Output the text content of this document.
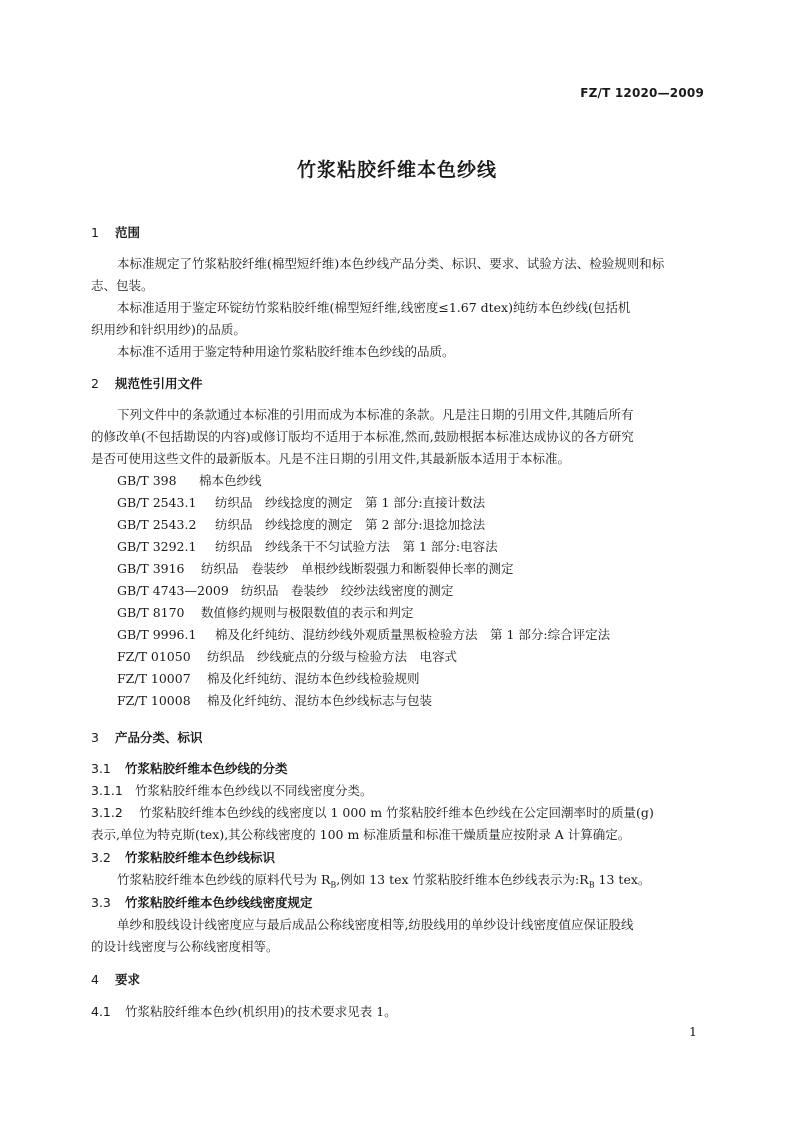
FZ/T 12020—2009
竹浆粘胶纤维本色纱线
1 范围
本标准规定了竹浆粘胶纤维(棉型短纤维)本色纱线产品分类、标识、要求、试验方法、检验规则和标
志、包装。
本标准适用于鉴定环锭纺竹浆粘胶纤维(棉型短纤维,线密度≤1.67 dtex)纯纺本色纱线(包括机
织用纱和针织用纱)的品质。
本标准不适用于鉴定特种用途竹浆粘胶纤维本色纱线的品质。
2 规范性引用文件
下列文件中的条款通过本标准的引用而成为本标准的条款。凡是注日期的引用文件,其随后所有
的修改单(不包括勘误的内容)或修订版均不适用于本标准,然而,鼓励根据本标准达成协议的各方研究
是否可使用这些文件的最新版本。凡是不注日期的引用文件,其最新版本适用于本标准。
GB/T 398 棉本色纱线
GB/T 2543.1 纺织品　纱线捻度的测定　第 1 部分:直接计数法
GB/T 2543.2 纺织品　纱线捻度的测定　第 2 部分:退捻加捻法
GB/T 3292.1 纺织品　纱线条干不匀试验方法　第 1 部分:电容法
GB/T 3916 纺织品　卷装纱　单根纱线断裂强力和断裂伸长率的测定
GB/T 4743—2009 纺织品　卷装纱　绞纱法线密度的测定
GB/T 8170 数值修约规则与极限数值的表示和判定
GB/T 9996.1 棉及化纤纯纺、混纺纱线外观质量黑板检验方法　第 1 部分:综合评定法
FZ/T 01050 纺织品　纱线疵点的分级与检验方法　电容式
FZ/T 10007 棉及化纤纯纺、混纺本色纱线检验规则
FZ/T 10008 棉及化纤纯纺、混纺本色纱线标志与包装
3 产品分类、标识
3.1 竹浆粘胶纤维本色纱线的分类
3.1.1 竹浆粘胶纤维本色纱线以不同线密度分类。
3.1.2 竹浆粘胶纤维本色纱线的线密度以 1 000 m 竹浆粘胶纤维本色纱线在公定回潮率时的质量(g)
表示,单位为特克斯(tex),其公称线密度的 100 m 标准质量和标准干燥质量应按附录 A 计算确定。
3.2 竹浆粘胶纤维本色纱线标识
竹浆粘胶纤维本色纱线的原料代号为 $R_B$,例如 13 tex 竹浆粘胶纤维本色纱线表示为$:R_B$ 13 tex。
3.3 竹浆粘胶纤维本色纱线线密度规定
单纱和股线设计线密度应与最后成品公称线密度相等,纺股线用的单纱设计线密度值应保证股线
的设计线密度与公称线密度相等。
4 要求
4.1 竹浆粘胶纤维本色纱(机织用)的技术要求见表 1。
1
